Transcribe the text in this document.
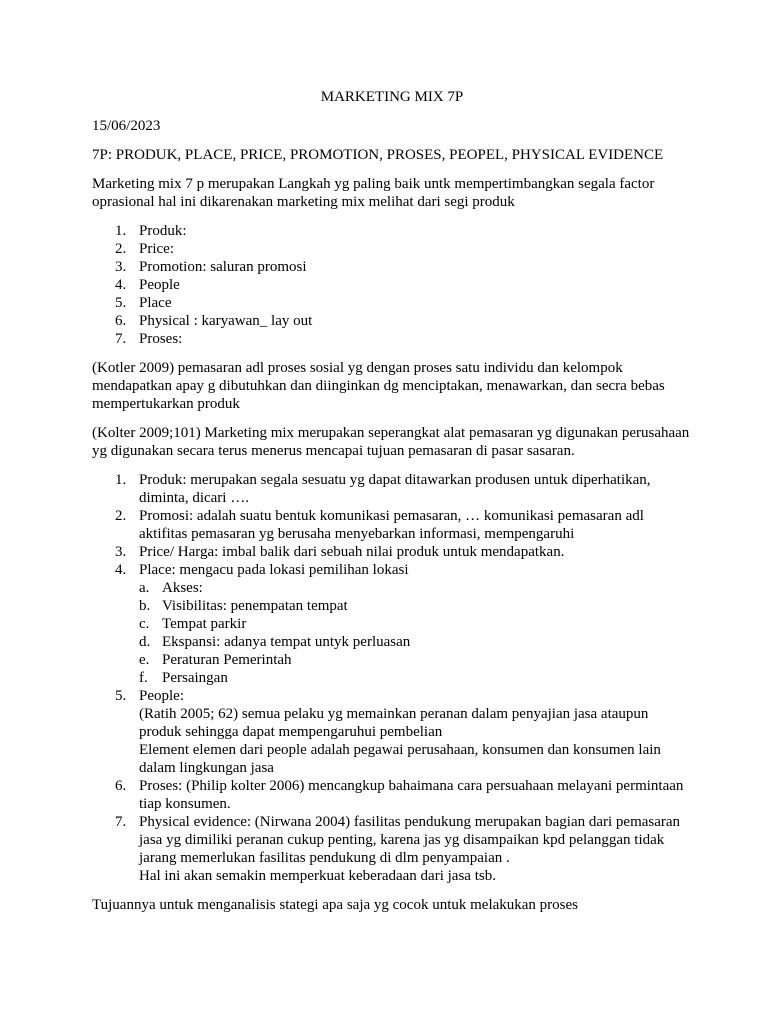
MARKETING MIX 7P

15/06/2023

7P: PRODUK, PLACE, PRICE, PROMOTION, PROSES, PEOPEL, PHYSICAL EVIDENCE

Marketing mix 7 p merupakan Langkah yg paling baik untk mempertimbangkan segala factor oprasional hal ini dikarenakan marketing mix melihat dari segi produk

1. Produk:
2. Price:
3. Promotion: saluran promosi
4. People
5. Place
6. Physical : karyawan_ lay out
7. Proses:

(Kotler 2009) pemasaran adl proses sosial yg dengan proses satu individu dan kelompok mendapatkan apay g dibutuhkan dan diinginkan dg menciptakan, menawarkan, dan secra bebas mempertukarkan produk

(Kolter 2009;101) Marketing mix merupakan seperangkat alat pemasaran yg digunakan perusahaan yg digunakan secara terus menerus mencapai tujuan pemasaran di pasar sasaran.

1. Produk: merupakan segala sesuatu yg dapat ditawarkan produsen untuk diperhatikan, diminta, dicari ….
2. Promosi: adalah suatu bentuk komunikasi pemasaran, … komunikasi pemasaran adl aktifitas pemasaran yg berusaha menyebarkan informasi, mempengaruhi
3. Price/ Harga: imbal balik dari sebuah nilai produk untuk mendapatkan.
4. Place: mengacu pada lokasi pemilihan lokasi
a. Akses:
b. Visibilitas: penempatan tempat
c. Tempat parkir
d. Ekspansi: adanya tempat untyk perluasan
e. Peraturan Pemerintah
f. Persaingan
5. People:
(Ratih 2005; 62) semua pelaku yg memainkan peranan dalam penyajian jasa ataupun produk sehingga dapat mempengaruhui pembelian
Element elemen dari people adalah pegawai perusahaan, konsumen dan konsumen lain dalam lingkungan jasa
6. Proses: (Philip kolter 2006) mencangkup bahaimana cara persuahaan melayani permintaan tiap konsumen.
7. Physical evidence: (Nirwana 2004) fasilitas pendukung merupakan bagian dari pemasaran jasa yg dimiliki peranan cukup penting, karena jas yg disampaikan kpd pelanggan tidak jarang memerlukan fasilitas pendukung di dlm penyampaian .
Hal ini akan semakin memperkuat keberadaan dari jasa tsb.

Tujuannya untuk menganalisis stategi apa saja yg cocok untuk melakukan proses
